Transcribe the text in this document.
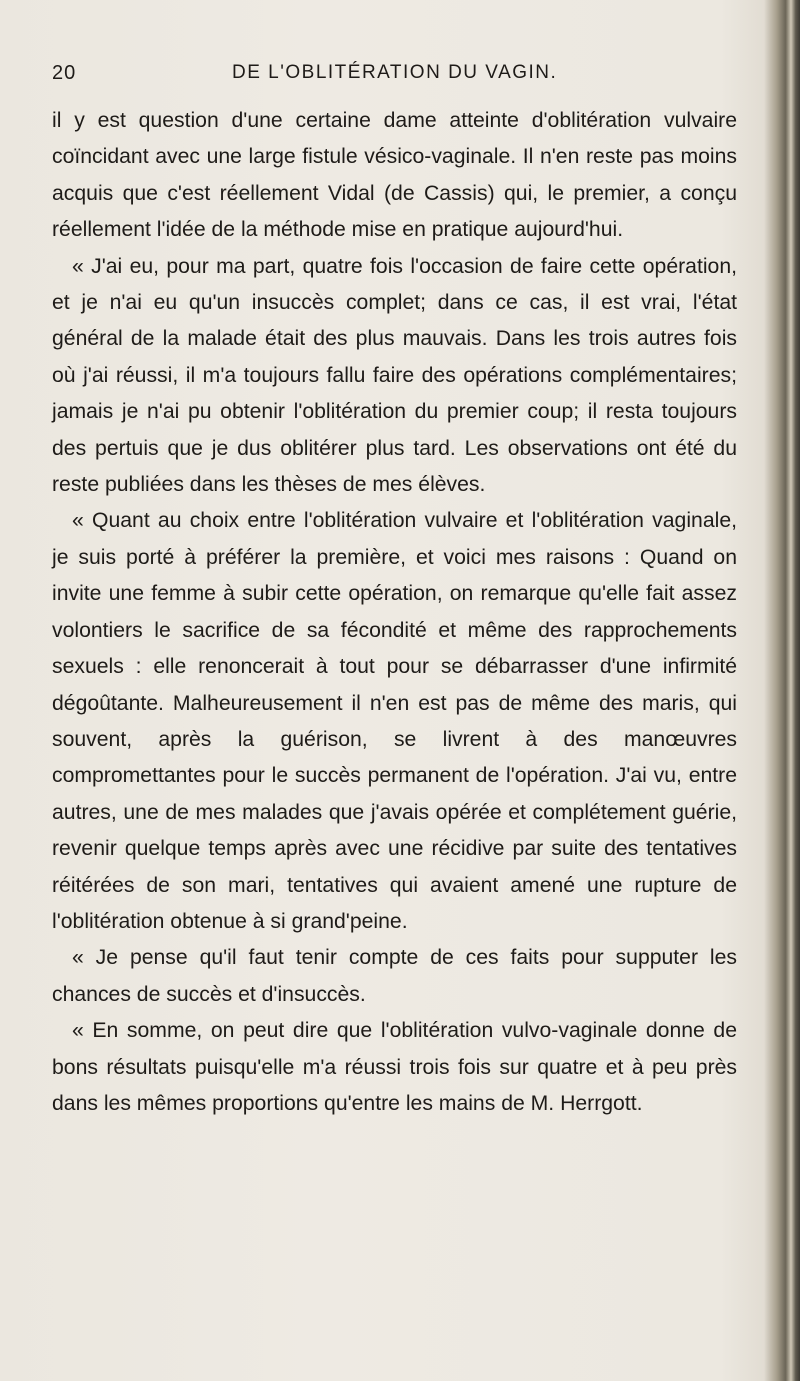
20	DE L'OBLITÉRATION DU VAGIN.

il y est question d'une certaine dame atteinte d'oblitération vulvaire coïncidant avec une large fistule vésico-vaginale. Il n'en reste pas moins acquis que c'est réellement Vidal (de Cassis) qui, le premier, a conçu réellement l'idée de la méthode mise en pratique aujourd'hui.

« J'ai eu, pour ma part, quatre fois l'occasion de faire cette opération, et je n'ai eu qu'un insuccès complet; dans ce cas, il est vrai, l'état général de la malade était des plus mauvais. Dans les trois autres fois où j'ai réussi, il m'a toujours fallu faire des opérations complémentaires; jamais je n'ai pu obtenir l'oblitération du premier coup; il resta toujours des pertuis que je dus oblitérer plus tard. Les observations ont été du reste publiées dans les thèses de mes élèves.

« Quant au choix entre l'oblitération vulvaire et l'oblitération vaginale, je suis porté à préférer la première, et voici mes raisons : Quand on invite une femme à subir cette opération, on remarque qu'elle fait assez volontiers le sacrifice de sa fécondité et même des rapprochements sexuels : elle renoncerait à tout pour se débarrasser d'une infirmité dégoûtante. Malheureusement il n'en est pas de même des maris, qui souvent, après la guérison, se livrent à des manœuvres compromettantes pour le succès permanent de l'opération. J'ai vu, entre autres, une de mes malades que j'avais opérée et complétement guérie, revenir quelque temps après avec une récidive par suite des tentatives réitérées de son mari, tentatives qui avaient amené une rupture de l'oblitération obtenue à si grand'peine.

« Je pense qu'il faut tenir compte de ces faits pour supputer les chances de succès et d'insuccès.

« En somme, on peut dire que l'oblitération vulvo-vaginale donne de bons résultats puisqu'elle m'a réussi trois fois sur quatre et à peu près dans les mêmes proportions qu'entre les mains de M. Herrgott.
